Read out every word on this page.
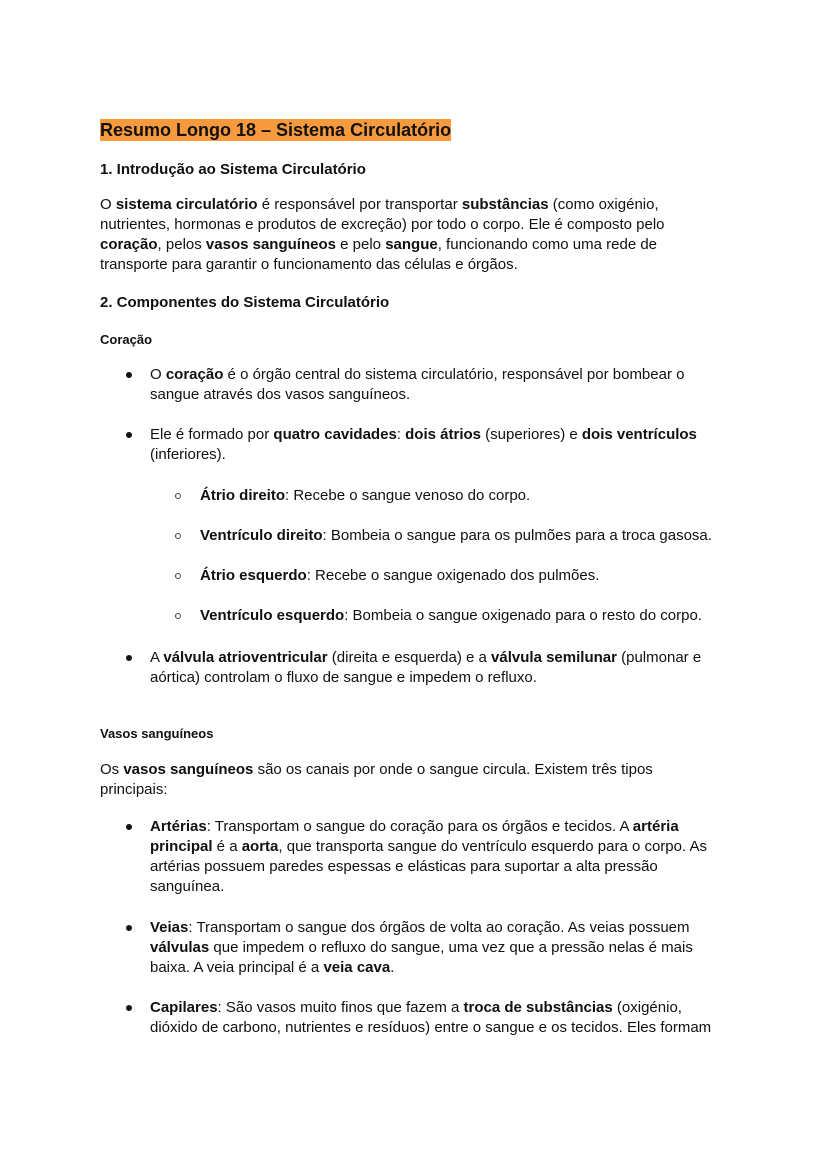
Resumo Longo 18 – Sistema Circulatório
1. Introdução ao Sistema Circulatório
O sistema circulatório é responsável por transportar substâncias (como oxigénio,
nutrientes, hormonas e produtos de excreção) por todo o corpo. Ele é composto pelo
coração, pelos vasos sanguíneos e pelo sangue, funcionando como uma rede de
transporte para garantir o funcionamento das células e órgãos.
2. Componentes do Sistema Circulatório
Coração
O coração é o órgão central do sistema circulatório, responsável por bombear o
sangue através dos vasos sanguíneos.
Ele é formado por quatro cavidades: dois átrios (superiores) e dois ventrículos
(inferiores).
Átrio direito: Recebe o sangue venoso do corpo.
Ventrículo direito: Bombeia o sangue para os pulmões para a troca gasosa.
Átrio esquerdo: Recebe o sangue oxigenado dos pulmões.
Ventrículo esquerdo: Bombeia o sangue oxigenado para o resto do corpo.
A válvula atrioventricular (direita e esquerda) e a válvula semilunar (pulmonar e
aórtica) controlam o fluxo de sangue e impedem o refluxo.
Vasos sanguíneos
Os vasos sanguíneos são os canais por onde o sangue circula. Existem três tipos
principais:
Artérias: Transportam o sangue do coração para os órgãos e tecidos. A artéria
principal é a aorta, que transporta sangue do ventrículo esquerdo para o corpo. As
artérias possuem paredes espessas e elásticas para suportar a alta pressão
sanguínea.
Veias: Transportam o sangue dos órgãos de volta ao coração. As veias possuem
válvulas que impedem o refluxo do sangue, uma vez que a pressão nelas é mais
baixa. A veia principal é a veia cava.
Capilares: São vasos muito finos que fazem a troca de substâncias (oxigénio,
dióxido de carbono, nutrientes e resíduos) entre o sangue e os tecidos. Eles formam
